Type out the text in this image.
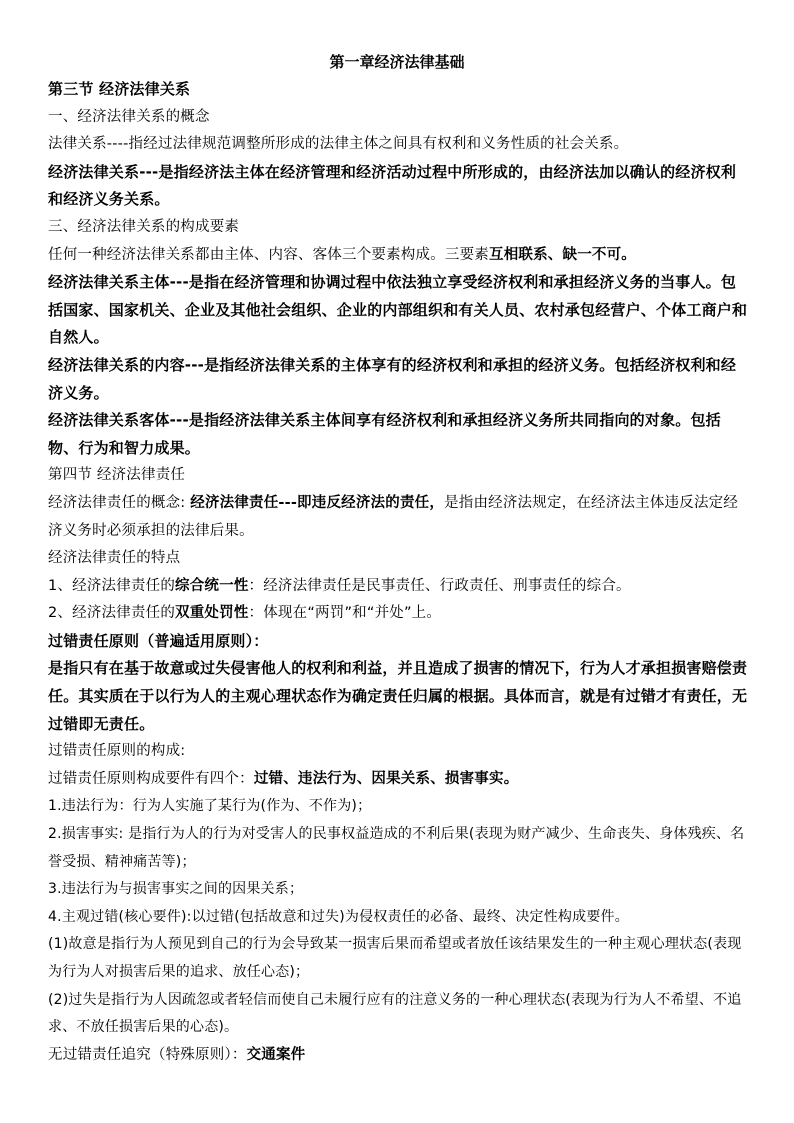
第一章经济法律基础

第三节 经济法律关系

一、经济法律关系的概念

法律关系----指经过法律规范调整所形成的法律主体之间具有权利和义务性质的社会关系。

经济法律关系---是指经济法主体在经济管理和经济活动过程中所形成的，由经济法加以确认的经济权利和经济义务关系。

三、经济法律关系的构成要素

任何一种经济法律关系都由主体、内容、客体三个要素构成。三要素互相联系、缺一不可。

经济法律关系主体---是指在经济管理和协调过程中依法独立享受经济权利和承担经济义务的当事人。包括国家、国家机关、企业及其他社会组织、企业的内部组织和有关人员、农村承包经营户、个体工商户和自然人。

经济法律关系的内容---是指经济法律关系的主体享有的经济权利和承担的经济义务。包括经济权利和经济义务。

经济法律关系客体---是指经济法律关系主体间享有经济权利和承担经济义务所共同指向的对象。包括物、行为和智力成果。

第四节 经济法律责任

经济法律责任的概念: 经济法律责任---即违反经济法的责任，是指由经济法规定，在经济法主体违反法定经济义务时必须承担的法律后果。

经济法律责任的特点

1、经济法律责任的综合统一性：经济法律责任是民事责任、行政责任、刑事责任的综合。

2、经济法律责任的双重处罚性：体现在“两罚”和“并处”上。

过错责任原则（普遍适用原则）：

是指只有在基于故意或过失侵害他人的权利和利益，并且造成了损害的情况下，行为人才承担损害赔偿责任。其实质在于以行为人的主观心理状态作为确定责任归属的根据。具体而言，就是有过错才有责任，无过错即无责任。

过错责任原则的构成:

过错责任原则构成要件有四个：过错、违法行为、因果关系、损害事实。

1.违法行为：行为人实施了某行为(作为、不作为)；

2.损害事实: 是指行为人的行为对受害人的民事权益造成的不利后果(表现为财产减少、生命丧失、身体残疾、名誉受损、精神痛苦等)；

3.违法行为与损害事实之间的因果关系；

4.主观过错(核心要件):以过错(包括故意和过失)为侵权责任的必备、最终、决定性构成要件。

(1)故意是指行为人预见到自己的行为会导致某一损害后果而希望或者放任该结果发生的一种主观心理状态(表现为行为人对损害后果的追求、放任心态)；

(2)过失是指行为人因疏忽或者轻信而使自己未履行应有的注意义务的一种心理状态(表现为行为人不希望、不追求、不放任损害后果的心态)。

无过错责任追究（特殊原则）：交通案件
